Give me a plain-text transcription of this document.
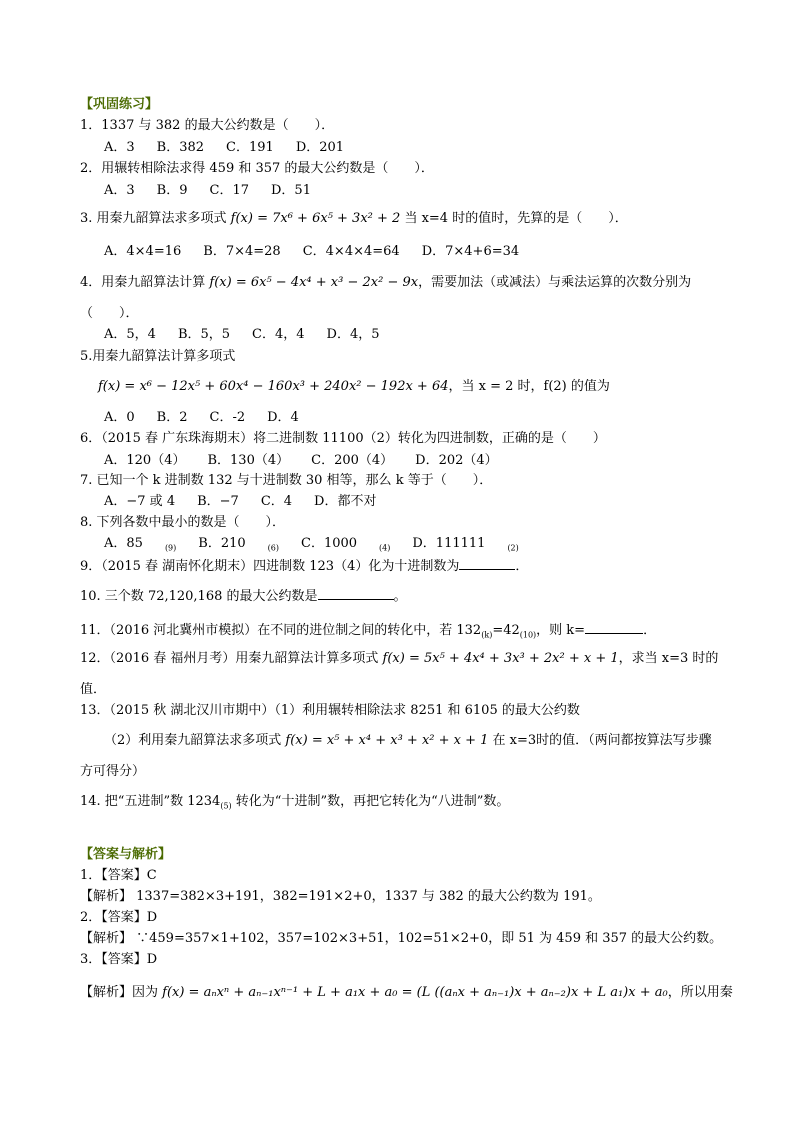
【巩固练习】
1．1337 与 382 的最大公约数是（　　）．
A．3 B．382 C．191 D．201
2．用辗转相除法求得 459 和 357 的最大公约数是（　　）．
A．3 B．9 C．17 D．51
3. 用秦九韶算法求多项式 f(x) = 7x⁶ + 6x⁵ + 3x² + 2 当 x=4 时的值时，先算的是（　　）．
A．4×4=16 B．7×4=28 C．4×4×4=64 D．7×4+6=34
4．用秦九韶算法计算 f(x) = 6x⁵ − 4x⁴ + x³ − 2x² − 9x，需要加法（或减法）与乘法运算的次数分别为
（　　）．
A．5，4 B．5，5 C．4，4 D．4，5
5.用秦九韶算法计算多项式
f(x) = x⁶ − 12x⁵ + 60x⁴ − 160x³ + 240x² − 192x + 64，当 x = 2 时，f(2) 的值为
A．0 B．2 C．-2 D．4
6．（2015 春 广东珠海期末）将二进制数 11100（2）转化为四进制数，正确的是（　　）
A．120（4） B．130（4） C．200（4） D．202（4）
7. 已知一个 k 进制数 132 与十进制数 30 相等，那么 k 等于（　　）．
A．−7 或 4 B．−7 C．4 D．都不对
8. 下列各数中最小的数是（　　）．
A．85	$_{(9)}$ B．210	$_{(6)}$ C．1000	$_{(4)}$ D．111111	$_{(2)}$
9．（2015 春 湖南怀化期末）四进制数 123（4）化为十进制数为	．
10. 三个数 72,120,168 的最大公约数是	。
11．（2016 河北冀州市模拟）在不同的进位制之间的转化中，若 $132_{(k)}=42_{(10)}$，则 k=	．
12．（2016 春 福州月考）用秦九韶算法计算多项式 f(x) = 5x⁵ + 4x⁴ + 3x³ + 2x² + x + 1，求当 x=3 时的
值．
13．（2015 秋 湖北汉川市期中）（1）利用辗转相除法求 8251 和 6105 的最大公约数
（2）利用秦九韶算法求多项式 f(x) = x⁵ + x⁴ + x³ + x² + x + 1 在 x=3时的值．（两问都按算法写步骤
方可得分）
14. 把“五进制”数 $1234_{(5)}$ 转化为“十进制”数，再把它转化为“八进制”数。
【答案与解析】
1．【答案】C
【解析】 1337=382×3+191，382=191×2+0，1337 与 382 的最大公约数为 191。
2．【答案】D
【解析】 ∵459=357×1+102，357=102×3+51，102=51×2+0，即 51 为 459 和 357 的最大公约数。
3．【答案】D
【解析】因为 f(x) = aₙxⁿ + aₙ₋₁xⁿ⁻¹ + L + a₁x + a₀ = (L ((aₙx + aₙ₋₁)x + aₙ₋₂)x + L a₁)x + a₀，所以用秦
